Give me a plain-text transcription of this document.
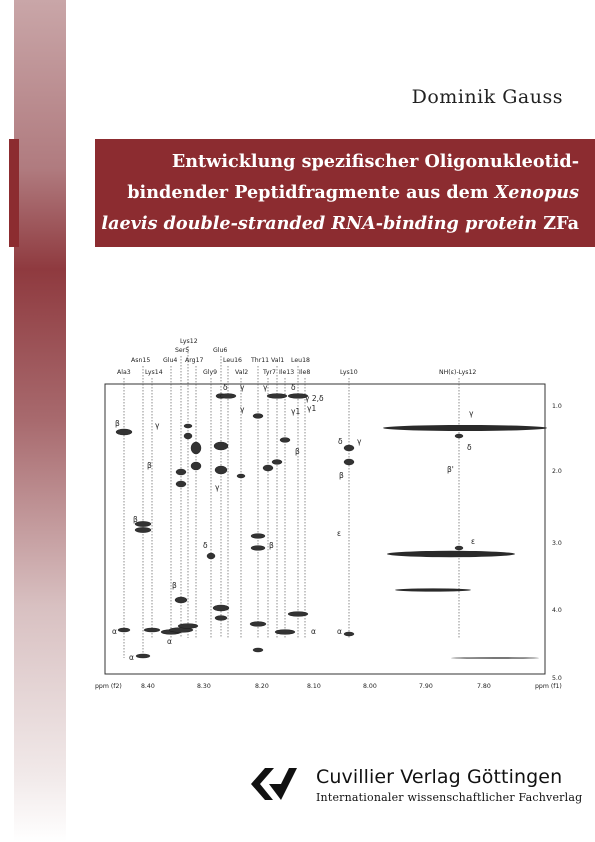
Dominik Gauss
Entwicklung spezifischer Oligonukleotid-
bindender Peptidfragmente aus dem Xenopus
laevis double-stranded RNA-binding protein ZFa
Lys12
Ser5	Glu6
Asn15 Glu4 Arg17	Thr11 Val1 Leu18
Ala3 Lys14	Gly9
Leu16
Val2 Tyr7 Ile13 Ile8	Lys10	NH(ε)-Lys12
β
β
α
α
α
γ
β
β
δ
δ γ
γ
γ
γ	δ
γ 2,δ
γ1 γ1
β
β
α
δ γ
β
ε
α
γ
δ
β'
ε
1.0
2.0
3.0
4.0
5.0
ppm (f1)
ppm (f2)	8.40	8.30	8.20	8.10	8.00	7.90	7.80
Cuvillier Verlag Göttingen
Internationaler wissenschaftlicher Fachverlag
